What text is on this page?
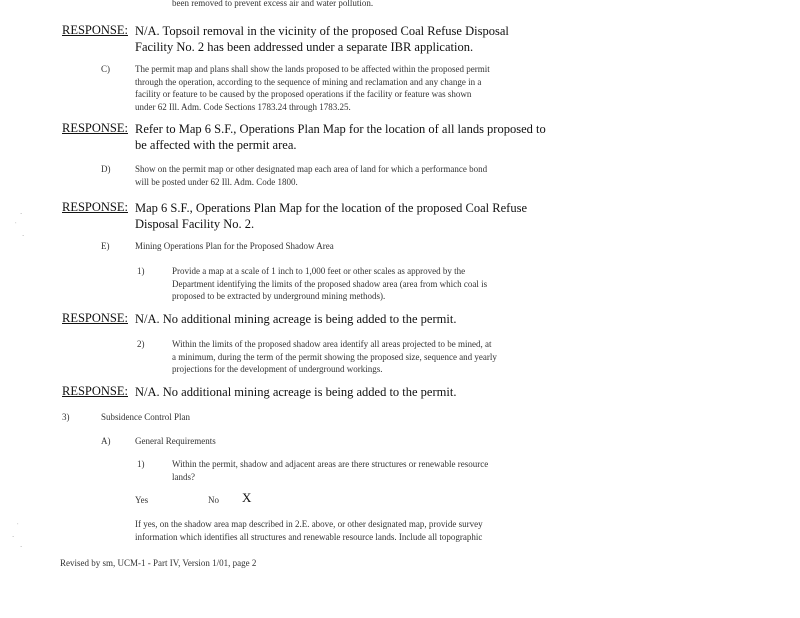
been removed to prevent excess air and water pollution.
RESPONSE: N/A. Topsoil removal in the vicinity of the proposed Coal Refuse Disposal
Facility No. 2 has been addressed under a separate IBR application.
C)	The permit map and plans shall show the lands proposed to be affected within the proposed permit
through the operation, according to the sequence of mining and reclamation and any change in a
facility or feature to be caused by the proposed operations if the facility or feature was shown
under 62 Ill. Adm. Code Sections 1783.24 through 1783.25.
RESPONSE: Refer to Map 6 S.F., Operations Plan Map for the location of all lands proposed to
be affected with the permit area.
D)	Show on the permit map or other designated map each area of land for which a performance bond
will be posted under 62 Ill. Adm. Code 1800.
RESPONSE: Map 6 S.F., Operations Plan Map for the location of the proposed Coal Refuse
Disposal Facility No. 2.
E)	Mining Operations Plan for the Proposed Shadow Area
1)	Provide a map at a scale of 1 inch to 1,000 feet or other scales as approved by the
Department identifying the limits of the proposed shadow area (area from which coal is
proposed to be extracted by underground mining methods).
RESPONSE: N/A. No additional mining acreage is being added to the permit.
2)	Within the limits of the proposed shadow area identify all areas projected to be mined, at
a minimum, during the term of the permit showing the proposed size, sequence and yearly
projections for the development of underground workings.
RESPONSE: N/A. No additional mining acreage is being added to the permit.
3)	Subsidence Control Plan
A)	General Requirements
1)	Within the permit, shadow and adjacent areas are there structures or renewable resource
lands?
Yes	No X
If yes, on the shadow area map described in 2.E. above, or other designated map, provide survey
information which identifies all structures and renewable resource lands. Include all topographic
Revised by sm, UCM-1 - Part IV, Version 1/01, page 2
·
˙
·
˙
·
·
